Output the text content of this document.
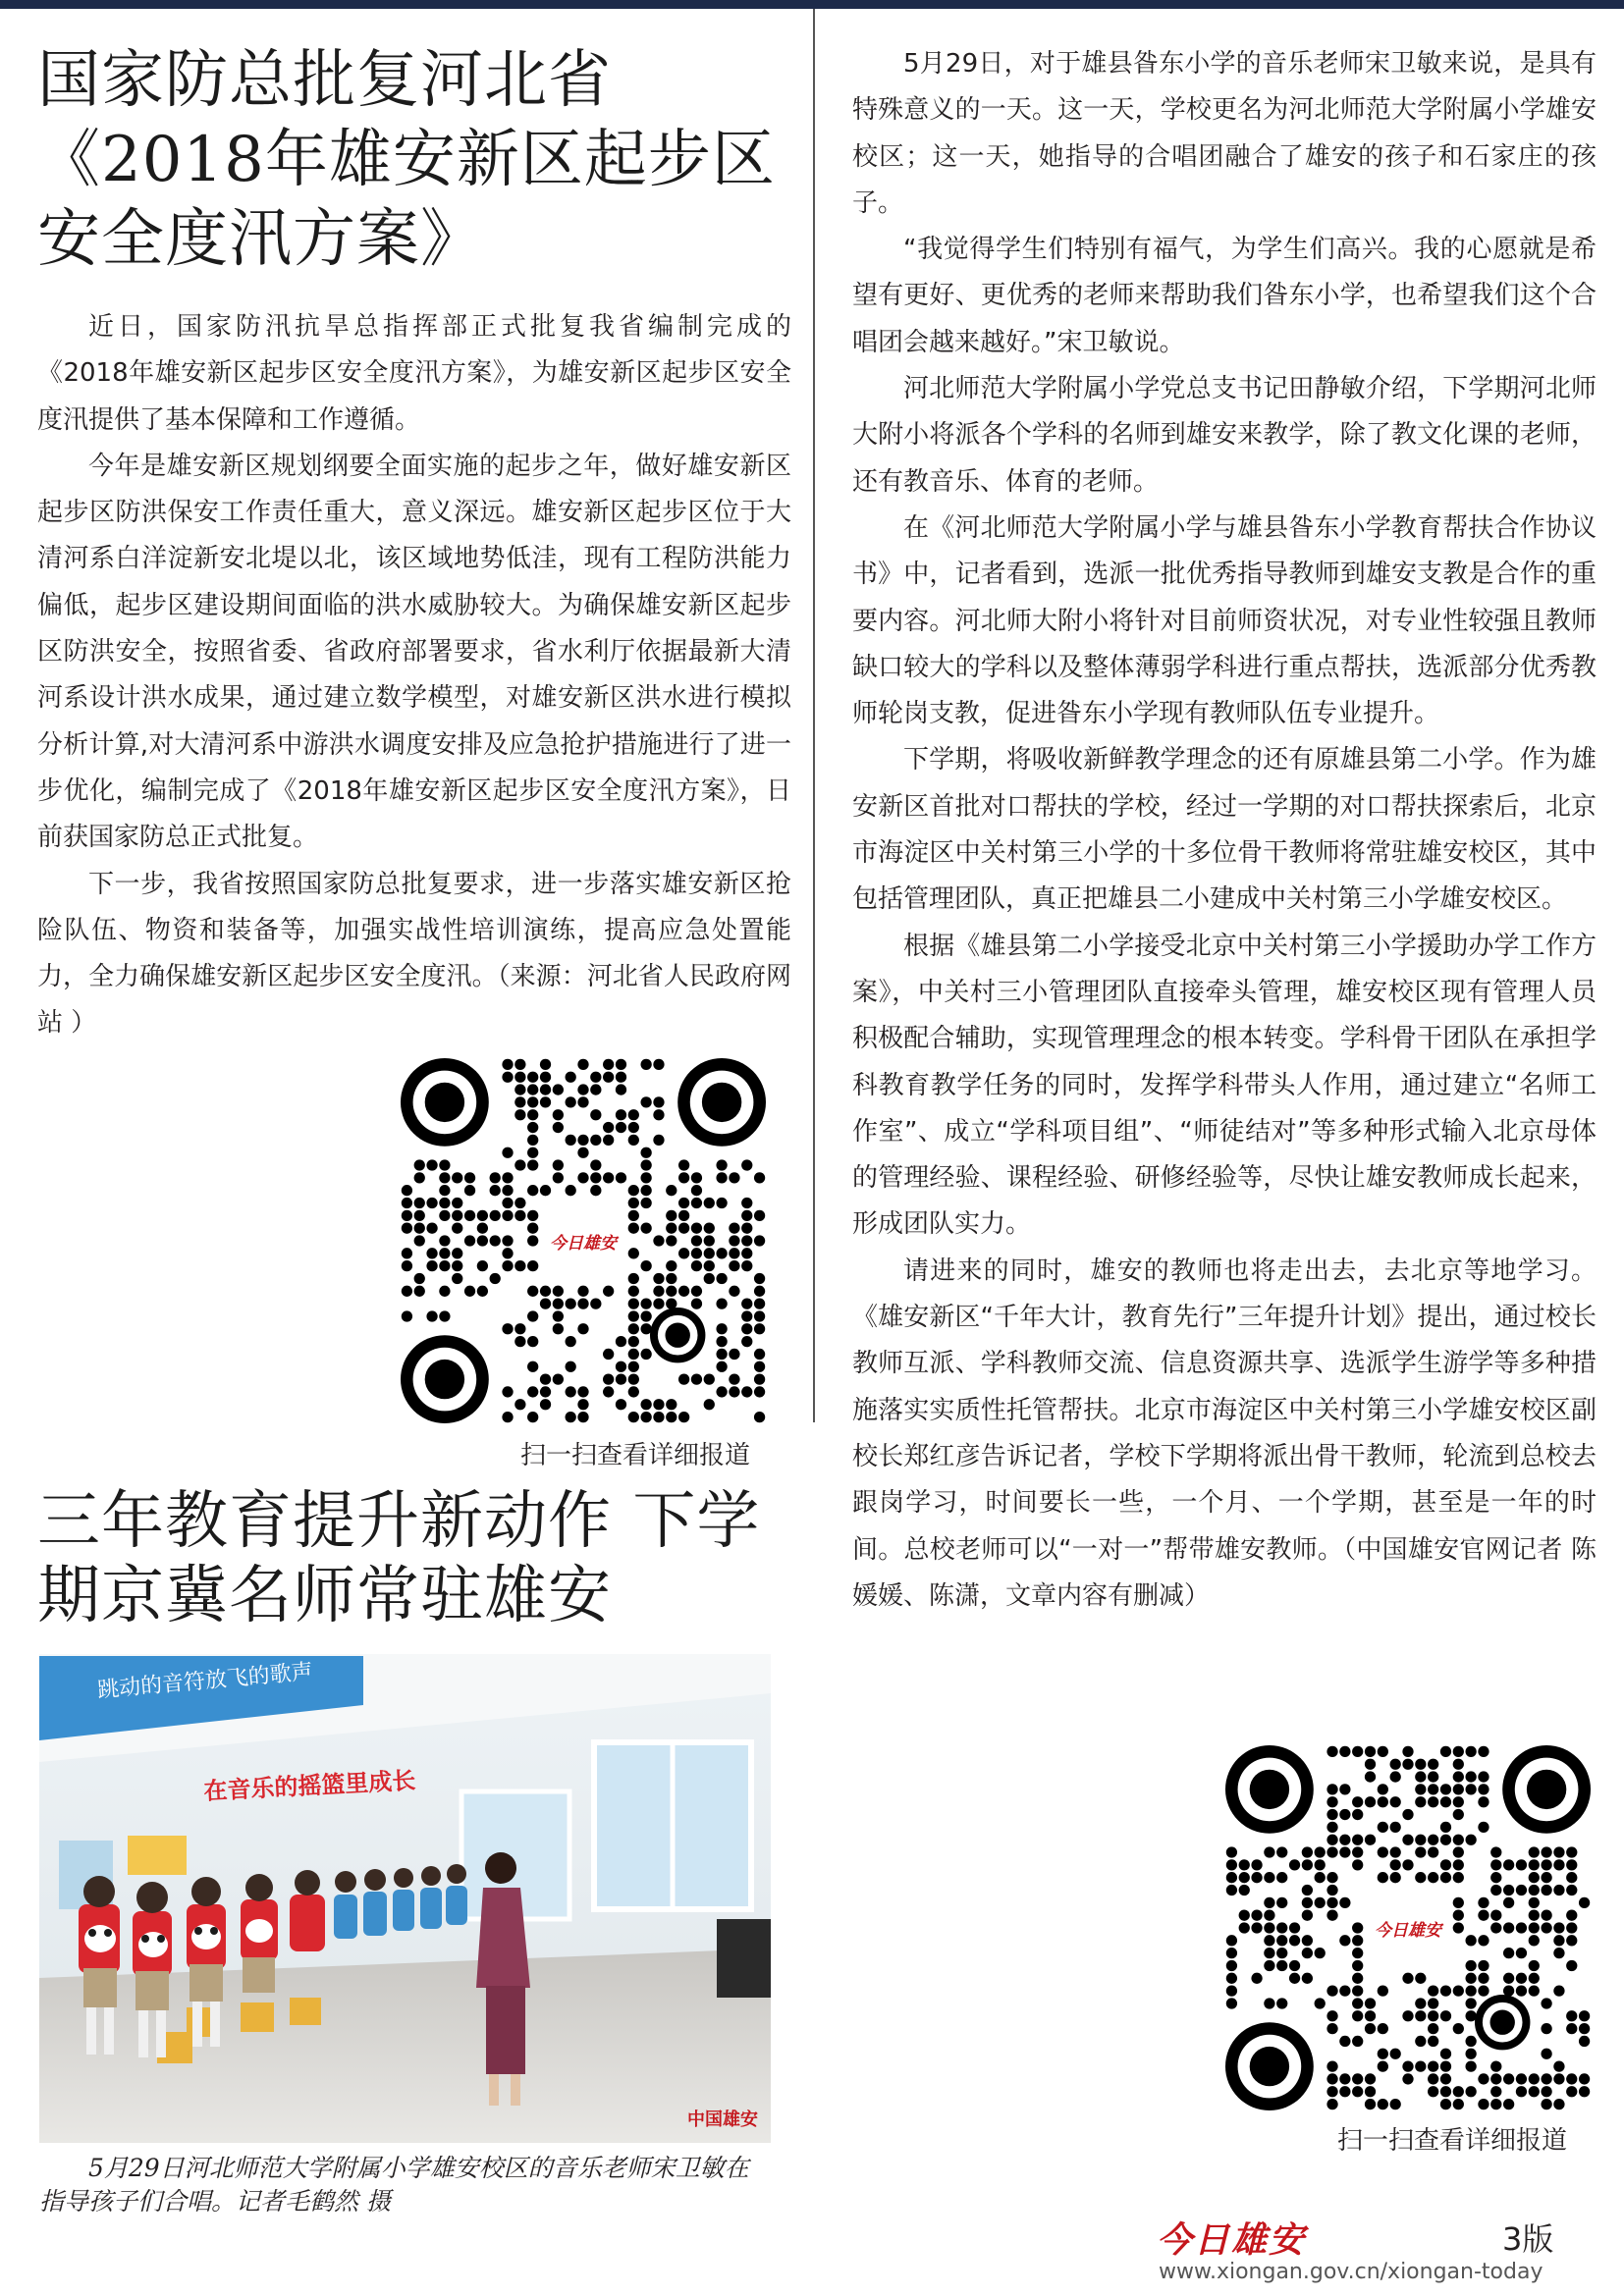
国家防总批复河北省《2018年雄安新区起步区安全度汛方案》

近日，国家防汛抗旱总指挥部正式批复我省编制完成的《2018年雄安新区起步区安全度汛方案》，为雄安新区起步区安全度汛提供了基本保障和工作遵循。

今年是雄安新区规划纲要全面实施的起步之年，做好雄安新区起步区防洪保安工作责任重大，意义深远。雄安新区起步区位于大清河系白洋淀新安北堤以北，该区域地势低洼，现有工程防洪能力偏低，起步区建设期间面临的洪水威胁较大。为确保雄安新区起步区防洪安全，按照省委、省政府部署要求，省水利厅依据最新大清河系设计洪水成果，通过建立数学模型，对雄安新区洪水进行模拟分析计算,对大清河系中游洪水调度安排及应急抢护措施进行了进一步优化，编制完成了《2018年雄安新区起步区安全度汛方案》，日前获国家防总正式批复。

下一步，我省按照国家防总批复要求，进一步落实雄安新区抢险队伍、物资和装备等，加强实战性培训演练，提高应急处置能力，全力确保雄安新区起步区安全度汛。（来源：河北省人民政府网站 ）

今日雄安
扫一扫查看详细报道
三年教育提升新动作 下学期京冀名师常驻雄安
跳动的音符放飞的歌声
在音乐的摇篮里成长
中国雄安
5月29日河北师范大学附属小学雄安校区的音乐老师宋卫敏在指导孩子们合唱。记者毛鹤然 摄

5月29日，对于雄县昝东小学的音乐老师宋卫敏来说，是具有特殊意义的一天。这一天，学校更名为河北师范大学附属小学雄安校区；这一天，她指导的合唱团融合了雄安的孩子和石家庄的孩子。

“我觉得学生们特别有福气，为学生们高兴。我的心愿就是希望有更好、更优秀的老师来帮助我们昝东小学，也希望我们这个合唱团会越来越好。”宋卫敏说。

河北师范大学附属小学党总支书记田静敏介绍，下学期河北师大附小将派各个学科的名师到雄安来教学，除了教文化课的老师，还有教音乐、体育的老师。

在《河北师范大学附属小学与雄县昝东小学教育帮扶合作协议书》中，记者看到，选派一批优秀指导教师到雄安支教是合作的重要内容。河北师大附小将针对目前师资状况，对专业性较强且教师缺口较大的学科以及整体薄弱学科进行重点帮扶，选派部分优秀教师轮岗支教，促进昝东小学现有教师队伍专业提升。

下学期，将吸收新鲜教学理念的还有原雄县第二小学。作为雄安新区首批对口帮扶的学校，经过一学期的对口帮扶探索后，北京市海淀区中关村第三小学的十多位骨干教师将常驻雄安校区，其中包括管理团队，真正把雄县二小建成中关村第三小学雄安校区。

根据《雄县第二小学接受北京中关村第三小学援助办学工作方案》，中关村三小管理团队直接牵头管理，雄安校区现有管理人员积极配合辅助，实现管理理念的根本转变。学科骨干团队在承担学科教育教学任务的同时，发挥学科带头人作用，通过建立“名师工作室”、成立“学科项目组”、“师徒结对”等多种形式输入北京母体的管理经验、课程经验、研修经验等，尽快让雄安教师成长起来，形成团队实力。

请进来的同时，雄安的教师也将走出去，去北京等地学习。《雄安新区“千年大计，教育先行”三年提升计划》提出，通过校长教师互派、学科教师交流、信息资源共享、选派学生游学等多种措施落实实质性托管帮扶。北京市海淀区中关村第三小学雄安校区副校长郑红彦告诉记者，学校下学期将派出骨干教师，轮流到总校去跟岗学习，时间要长一些，一个月、一个学期，甚至是一年的时间。总校老师可以“一对一”帮带雄安教师。（中国雄安官网记者 陈媛媛、陈潇，文章内容有删减）

今日雄安
扫一扫查看详细报道
今日雄安	3版
www.xiongan.gov.cn/xiongan-today
